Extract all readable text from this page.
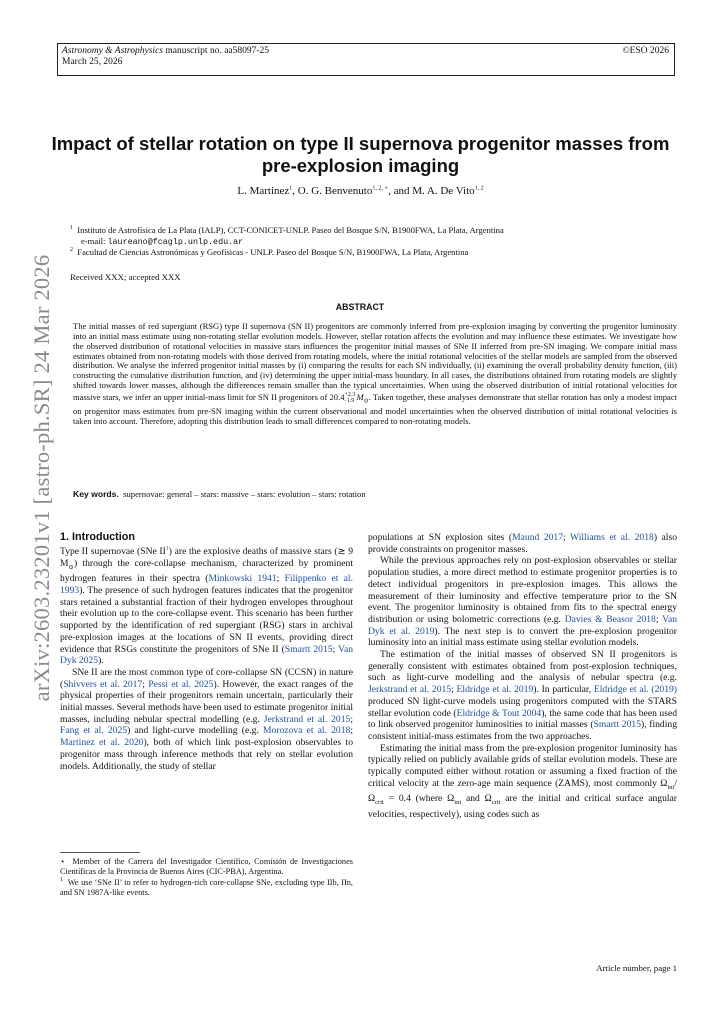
Astronomy & Astrophysics manuscript no. aa58097-25
March 25, 2026
©ESO 2026
Impact of stellar rotation on type II supernova progenitor masses from pre-explosion imaging
L. Martinez$^1$, O. G. Benvenuto$^{1, 2, ⋆}$, and M. A. De Vito$^{1, 2}$
$^1$ Instituto de Astrofísica de La Plata (IALP), CCT-CONICET-UNLP. Paseo del Bosque S/N, B1900FWA, La Plata, Argentina
e-mail: laureano@fcaglp.unlp.edu.ar
$^2$ Facultad de Ciencias Astronómicas y Geofísicas - UNLP. Paseo del Bosque S/N, B1900FWA, La Plata, Argentina
Received XXX; accepted XXX
ABSTRACT
The initial masses of red supergiant (RSG) type II supernova (SN II) progenitors are commonly inferred from pre-explosion imaging by converting the progenitor luminosity into an initial mass estimate using non-rotating stellar evolution models. However, stellar rotation affects the evolution and may influence these estimates. We investigate how the observed distribution of rotational velocities in massive stars influences the progenitor initial masses of SNe II inferred from pre-SN imaging. We compare initial mass estimates obtained from non-rotating models with those derived from rotating models, where the initial rotational velocities of the stellar models are sampled from the observed distribution. We analyse the inferred progenitor initial masses by (i) comparing the results for each SN individually, (ii) examining the overall probability density function, (iii) constructing the cumulative distribution function, and (iv) determining the upper initial-mass boundary. In all cases, the distributions obtained from rotating models are slightly shifted towards lower masses, although the differences remain smaller than the typical uncertainties. When using the observed distribution of initial rotational velocities for massive stars, we infer an upper initial-mass limit for SN II progenitors of $20.4^{+2.3}_{-1.9}$ $M_⊙$. Taken together, these analyses demonstrate that stellar rotation has only a modest impact on progenitor mass estimates from pre-SN imaging within the current observational and model uncertainties when the observed distribution of initial rotational velocities is taken into account. Therefore, adopting this distribution leads to small differences compared to non-rotating models.
Key words. supernovae: general – stars: massive – stars: evolution – stars: rotation
arXiv:2603.23201v1 [astro-ph.SR] 24 Mar 2026 1. Introduction

Type II supernovae (SNe $II^1$) are the explosive deaths of massive stars (≳ 9 $M_⊙$) through the core-collapse mechanism, characterized by prominent hydrogen features in their spectra (Minkowski 1941; Filippenko et al. 1993). The presence of such hydrogen features indicates that the progenitor stars retained a substantial fraction of their hydrogen envelopes throughout their evolution up to the core-collapse event. This scenario has been further supported by the identification of red supergiant (RSG) stars in archival pre-explosion images at the locations of SN II events, providing direct evidence that RSGs constitute the progenitors of SNe II (Smartt 2015; Van Dyk 2025).

SNe II are the most common type of core-collapse SN (CCSN) in nature (Shivvers et al. 2017; Pessi et al. 2025). However, the exact ranges of the physical properties of their progenitors remain uncertain, particularly their initial masses. Several methods have been used to estimate progenitor initial masses, including nebular spectral modelling (e.g. Jerkstrand et al. 2015; Fang et al. 2025) and light-curve modelling (e.g. Morozova et al. 2018; Martinez et al. 2020), both of which link post-explosion observables to progenitor mass through inference methods that rely on stellar evolution models. Additionally, the study of stellar

⋆ Member of the Carrera del Investigador Científico, Comisión de Investigaciones Científicas de la Provincia de Buenos Aires (CIC-PBA), Argentina.

$^1$ We use ‘SNe II’ to refer to hydrogen-rich core-collapse SNe, excluding type IIb, IIn, and SN 1987A-like events.

populations at SN explosion sites (Maund 2017; Williams et al. 2018) also provide constraints on progenitor masses.

While the previous approaches rely on post-explosion observables or stellar population studies, a more direct method to estimate progenitor properties is to detect individual progenitors in pre-explosion images. This allows the measurement of their luminosity and effective temperature prior to the SN event. The progenitor luminosity is obtained from fits to the spectral energy distribution or using bolometric corrections (e.g. Davies & Beasor 2018; Van Dyk et al. 2019). The next step is to convert the pre-explosion progenitor luminosity into an initial mass estimate using stellar evolution models.

The estimation of the initial masses of observed SN II progenitors is generally consistent with estimates obtained from post-explosion techniques, such as light-curve modelling and the analysis of nebular spectra (e.g. Jerkstrand et al. 2015; Eldridge et al. 2019). In particular, Eldridge et al. (2019) produced SN light-curve models using progenitors computed with the STARS stellar evolution code (Eldridge & Tout 2004), the same code that has been used to link observed progenitor luminosities to initial masses (Smartt 2015), finding consistent initial-mass estimates from the two approaches.

Estimating the initial mass from the pre-explosion progenitor luminosity has typically relied on publicly available grids of stellar evolution models. These are typically computed either without rotation or assuming a fixed fraction of the critical velocity at the zero-age main sequence (ZAMS), most commonly $\Omega_{ini}/\Omega_{crit} = 0.4$ (where $\Omega_{ini}$ and $\Omega_{crit}$ are the initial and critical surface angular velocities, respectively), using codes such as

Article number, page 1
